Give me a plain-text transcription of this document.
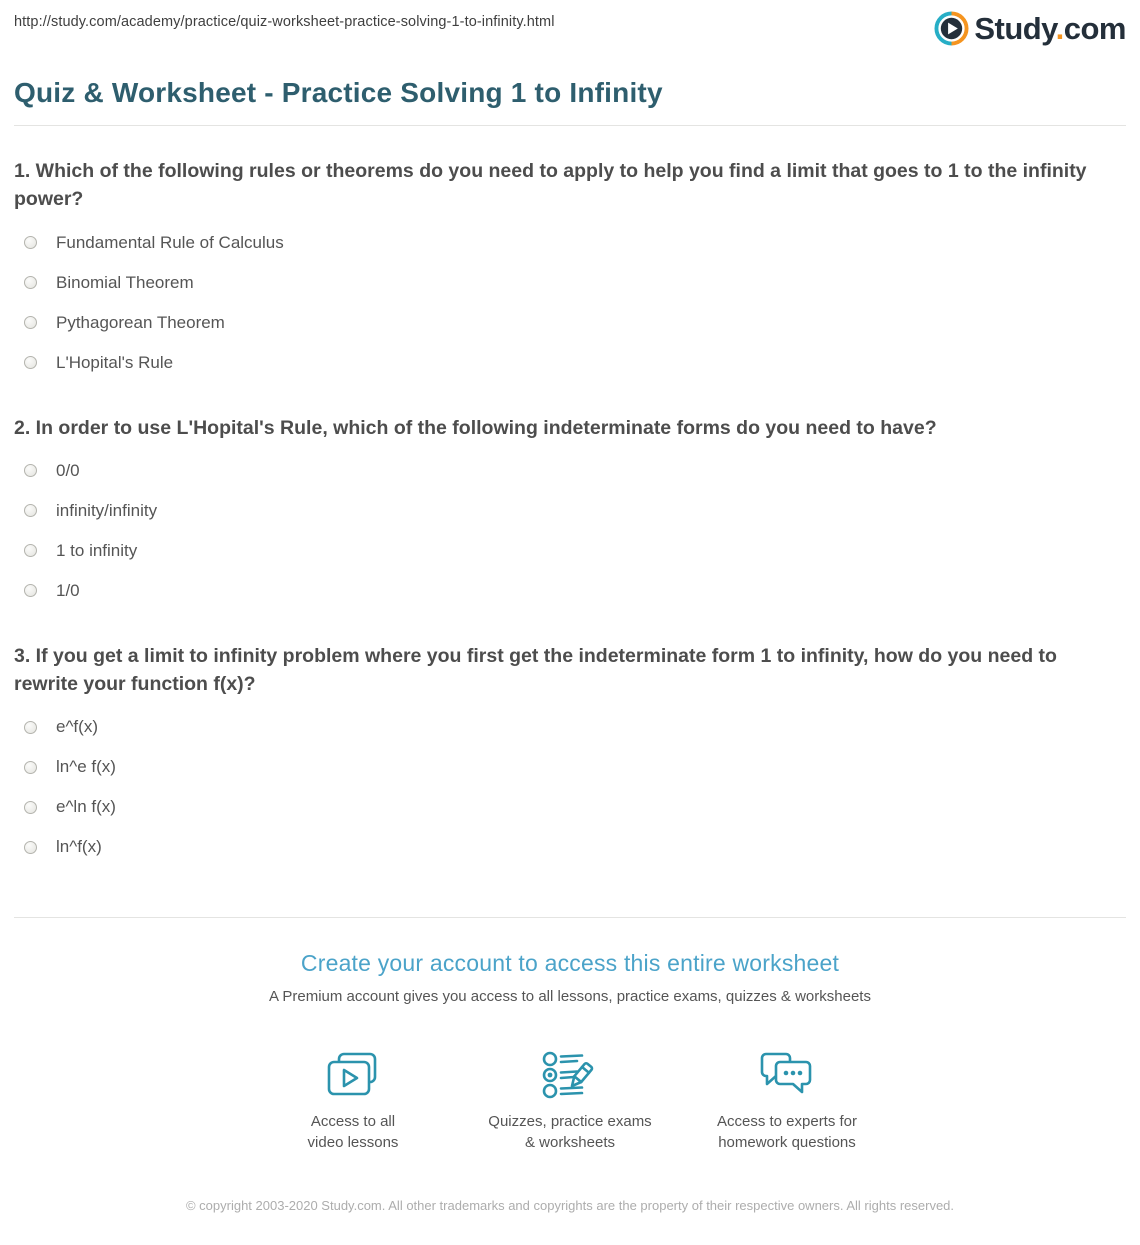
http://study.com/academy/practice/quiz-worksheet-practice-solving-1-to-infinity.html	Study.com
Quiz & Worksheet - Practice Solving 1 to Infinity
1. Which of the following rules or theorems do you need to apply to help you find a limit that goes to 1 to the infinity power?
Fundamental Rule of Calculus
Binomial Theorem
Pythagorean Theorem
L'Hopital's Rule
2. In order to use L'Hopital's Rule, which of the following indeterminate forms do you need to have?
0/0
infinity/infinity
1 to infinity
1/0
3. If you get a limit to infinity problem where you first get the indeterminate form 1 to infinity, how do you need to rewrite your function f(x)?
e^f(x)
ln^e f(x)
e^ln f(x)
ln^f(x)
Create your account to access this entire worksheet
A Premium account gives you access to all lessons, practice exams, quizzes & worksheets
Access to all
video lessons
Quizzes, practice exams
& worksheets
Access to experts for
homework questions
© copyright 2003-2020 Study.com. All other trademarks and copyrights are the property of their respective owners. All rights reserved.
